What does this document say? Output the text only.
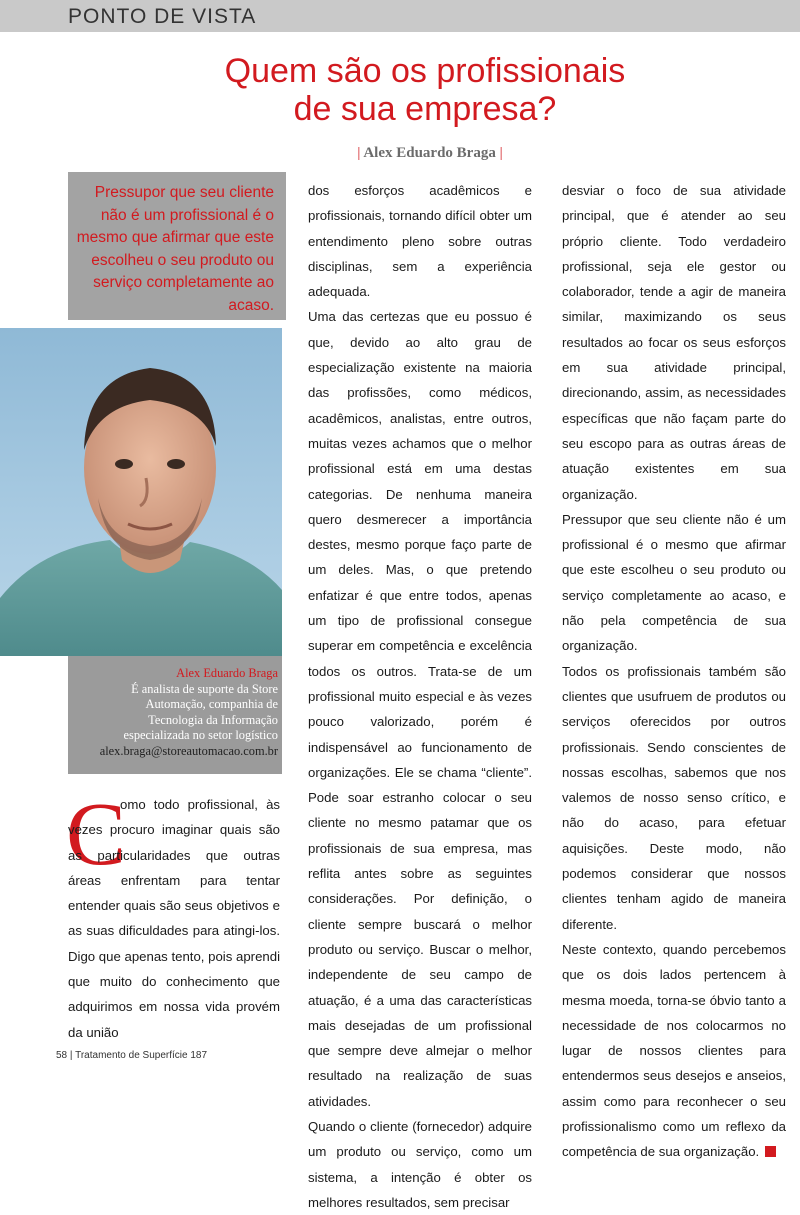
PONTO DE VISTA
Quem são os profissionais
de sua empresa?
| Alex Eduardo Braga |
Pressupor que seu cliente não é um profissional é o mesmo que afirmar que este escolheu o seu produto ou serviço completamente ao acaso.
Alex Eduardo Braga
É analista de suporte da Store
Automação, companhia de
Tecnologia da Informação
especializada no setor logístico
alex.braga@storeautomacao.com.br
C

omo todo profissional, às vezes procuro imaginar quais são as particularidades que outras áreas enfrentam para tentar entender quais são seus objetivos e as suas dificuldades para atingi-los. Digo que apenas tento, pois aprendi que muito do conhecimento que adquirimos em nossa vida provém da união

dos esforços acadêmicos e profissionais, tornando difícil obter um entendimento pleno sobre outras disciplinas, sem a experiência adequada.

Uma das certezas que eu possuo é que, devido ao alto grau de especialização existente na maioria das profissões, como médicos, acadêmicos, analistas, entre outros, muitas vezes achamos que o melhor profissional está em uma destas categorias. De nenhuma maneira quero desmerecer a importância destes, mesmo porque faço parte de um deles. Mas, o que pretendo enfatizar é que entre todos, apenas um tipo de profissional consegue superar em competência e excelência todos os outros. Trata-se de um profissional muito especial e às vezes pouco valorizado, porém é indispensável ao funcionamento de organizações. Ele se chama “cliente”. Pode soar estranho colocar o seu cliente no mesmo patamar que os profissionais de sua empresa, mas reflita antes sobre as seguintes considerações. Por definição, o cliente sempre buscará o melhor produto ou serviço. Buscar o melhor, independente de seu campo de atuação, é a uma das características mais desejadas de um profissional que sempre deve almejar o melhor resultado na realização de suas atividades.

Quando o cliente (fornecedor) adquire um produto ou serviço, como um sistema, a intenção é obter os melhores resultados, sem precisar

desviar o foco de sua atividade principal, que é atender ao seu próprio cliente. Todo verdadeiro profissional, seja ele gestor ou colaborador, tende a agir de maneira similar, maximizando os seus resultados ao focar os seus esforços em sua atividade principal, direcionando, assim, as necessidades específicas que não façam parte do seu escopo para as outras áreas de atuação existentes em sua organização.

Pressupor que seu cliente não é um profissional é o mesmo que afirmar que este escolheu o seu produto ou serviço completamente ao acaso, e não pela competência de sua organização.

Todos os profissionais também são clientes que usufruem de produtos ou serviços oferecidos por outros profissionais. Sendo conscientes de nossas escolhas, sabemos que nos valemos de nosso senso crítico, e não do acaso, para efetuar aquisições. Deste modo, não podemos considerar que nossos clientes tenham agido de maneira diferente.

Neste contexto, quando percebemos que os dois lados pertencem à mesma moeda, torna-se óbvio tanto a necessidade de nos colocarmos no lugar de nossos clientes para entendermos seus desejos e anseios, assim como para reconhecer o seu profissionalismo como um reflexo da competência de sua organização.

58 | Tratamento de Superfície 187
